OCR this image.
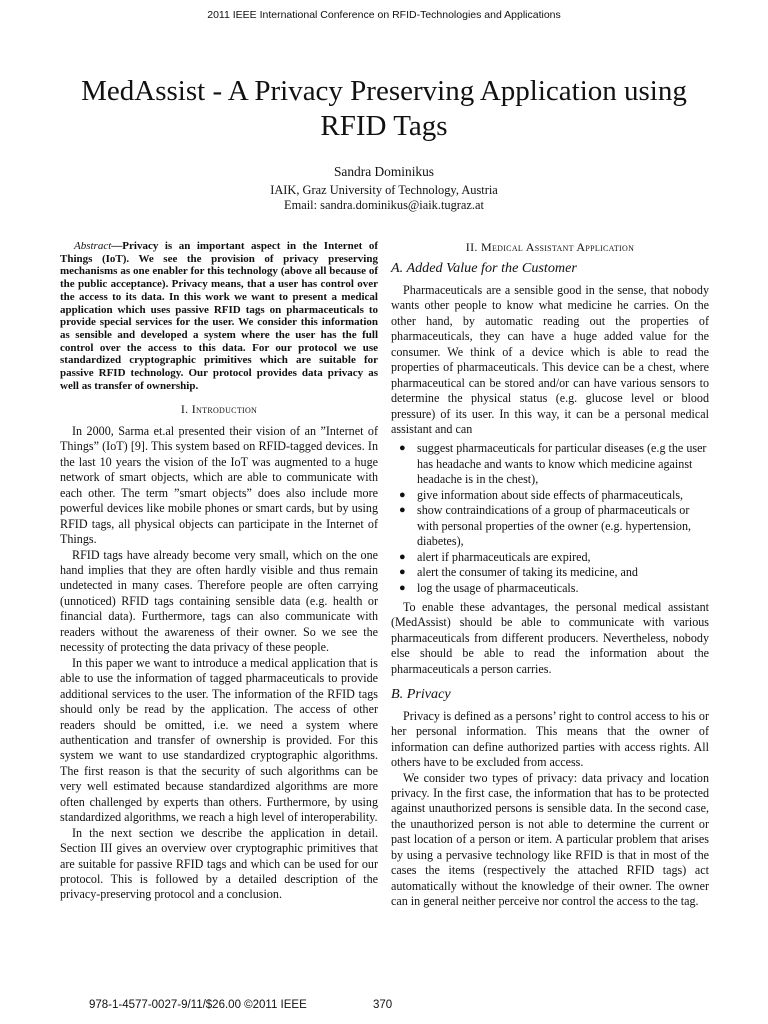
2011 IEEE International Conference on RFID-Technologies and Applications
MedAssist - A Privacy Preserving Application using
RFID Tags
Sandra Dominikus
IAIK, Graz University of Technology, Austria
Email: sandra.dominikus@iaik.tugraz.at

Abstract—Privacy is an important aspect in the Internet of Things (IoT). We see the provision of privacy preserving mechanisms as one enabler for this technology (above all because of the public acceptance). Privacy means, that a user has control over the access to its data. In this work we want to present a medical application which uses passive RFID tags on pharmaceuticals to provide special services for the user. We consider this information as sensible and developed a system where the user has the full control over the access to this data. For our protocol we use standardized cryptographic primitives which are suitable for passive RFID technology. Our protocol provides data privacy as well as transfer of ownership.

I. Introduction

In 2000, Sarma et.al presented their vision of an ”Internet of Things” (IoT) [9]. This system based on RFID-tagged devices. In the last 10 years the vision of the IoT was augmented to a huge network of smart objects, which are able to communicate with each other. The term ”smart objects” does also include more powerful devices like mobile phones or smart cards, but by using RFID tags, all physical objects can participate in the Internet of Things.

RFID tags have already become very small, which on the one hand implies that they are often hardly visible and thus remain undetected in many cases. Therefore people are often carrying (unnoticed) RFID tags containing sensible data (e.g. health or financial data). Furthermore, tags can also communicate with readers without the awareness of their owner. So we see the necessity of protecting the data privacy of these people.

In this paper we want to introduce a medical application that is able to use the information of tagged pharmaceuticals to provide additional services to the user. The information of the RFID tags should only be read by the application. The access of other readers should be omitted, i.e. we need a system where authentication and transfer of ownership is provided. For this system we want to use standardized cryptographic algorithms. The first reason is that the security of such algorithms can be very well estimated because standardized algorithms are more often challenged by experts than others. Furthermore, by using standardized algorithms, we reach a high level of interoperability.

In the next section we describe the application in detail. Section III gives an overview over cryptographic primitives that are suitable for passive RFID tags and which can be used for our protocol. This is followed by a detailed description of the privacy-preserving protocol and a conclusion.

II. Medical Assistant Application
A. Added Value for the Customer

Pharmaceuticals are a sensible good in the sense, that nobody wants other people to know what medicine he carries. On the other hand, by automatic reading out the properties of pharmaceuticals, they can have a huge added value for the consumer. We think of a device which is able to read the properties of pharmaceuticals. This device can be a chest, where pharmaceutical can be stored and/or can have various sensors to determine the physical status (e.g. glucose level or blood pressure) of its user. In this way, it can be a personal medical assistant and can

● suggest pharmaceuticals for particular diseases (e.g the user has headache and wants to know which medicine against headache is in the chest),
● give information about side effects of pharmaceuticals,
● show contraindications of a group of pharmaceuticals or with personal properties of the owner (e.g. hypertension, diabetes),
● alert if pharmaceuticals are expired,
● alert the consumer of taking its medicine, and
● log the usage of pharmaceuticals.

To enable these advantages, the personal medical assistant (MedAssist) should be able to communicate with various pharmaceuticals from different producers. Nevertheless, nobody else should be able to read the information about the pharmaceuticals a person carries.

B. Privacy

Privacy is defined as a persons’ right to control access to his or her personal information. This means that the owner of information can define authorized parties with access rights. All others have to be excluded from access.

We consider two types of privacy: data privacy and location privacy. In the first case, the information that has to be protected against unauthorized persons is sensible data. In the second case, the unauthorized person is not able to determine the current or past location of a person or item. A particular problem that arises by using a pervasive technology like RFID is that in most of the cases the items (respectively the attached RFID tags) act automatically without the knowledge of their owner. The owner can in general neither perceive nor control the access to the tag.

978-1-4577-0027-9/11/$26.00 ©2011 IEEE	370
